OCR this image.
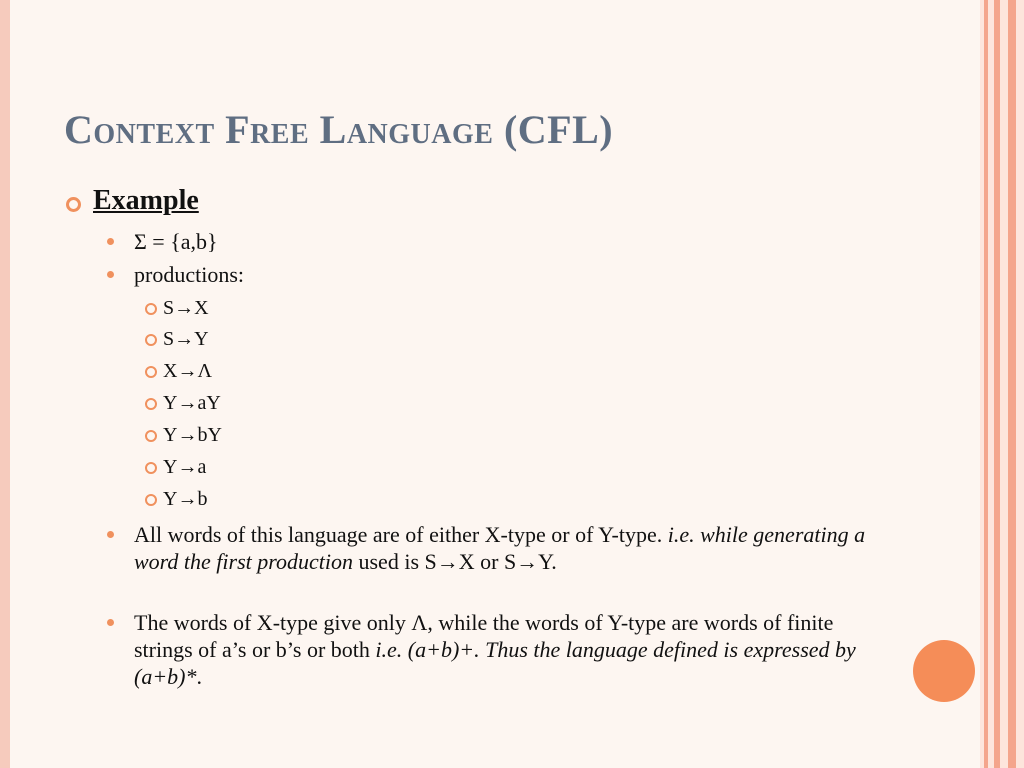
Context Free Language (CFL)
Example
Σ = {a,b}
productions:
S→X
S→Y
X→Λ
Y→aY
Y→bY
Y→a
Y→b
All words of this language are of either X-type or of Y-type. i.e. while generating a word the first production used is S→X or S→Y.
The words of X-type give only Λ, while the words of Y-type are words of finite strings of a’s or b’s or both i.e. (a+b)+. Thus the language defined is expressed by (a+b)*.
